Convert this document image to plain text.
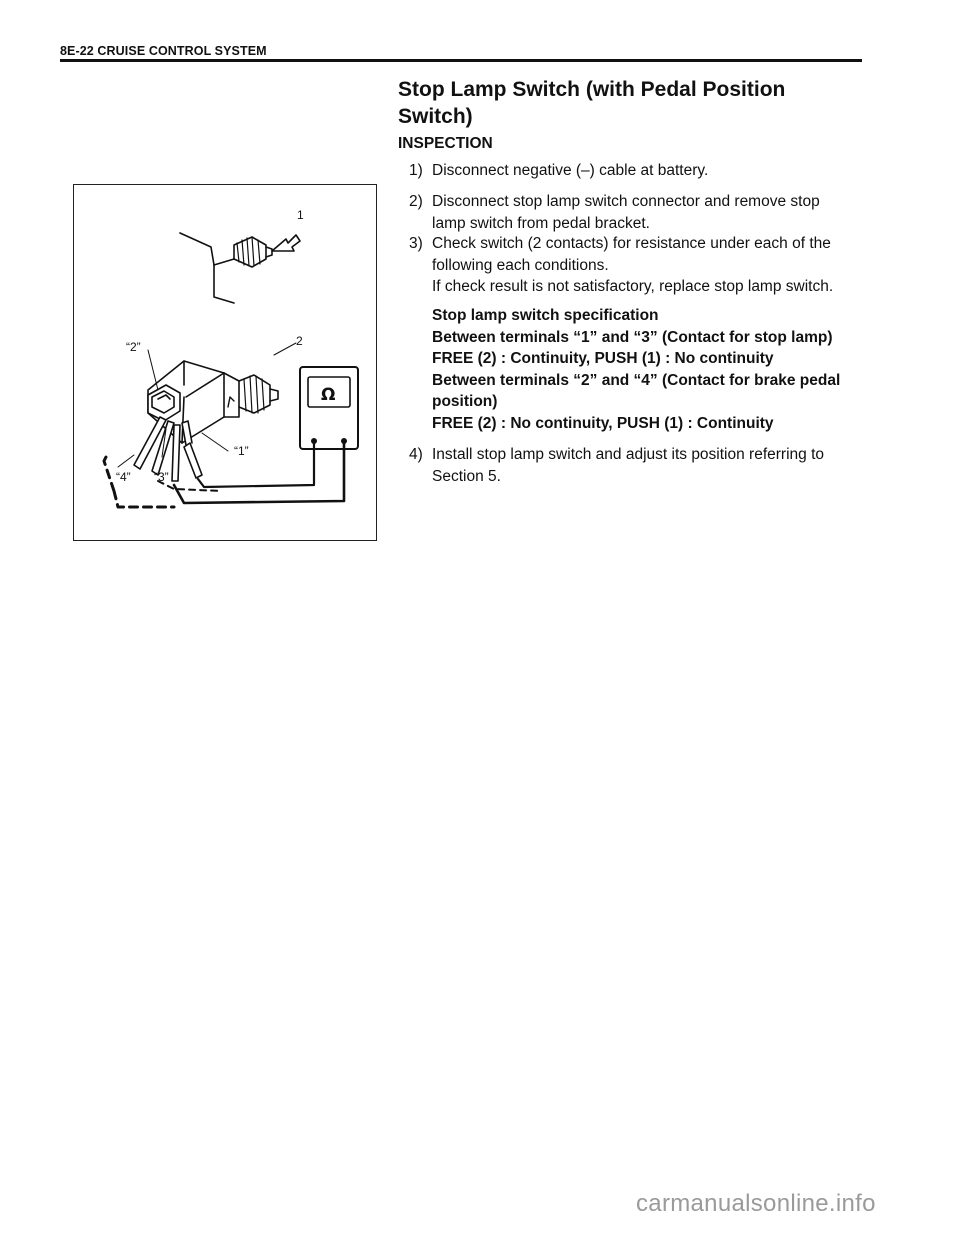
8E-22 CRUISE CONTROL SYSTEM
Stop Lamp Switch (with Pedal Position
Switch)
INSPECTION
1) Disconnect negative (–) cable at battery.
2) Disconnect stop lamp switch connector and remove stop
lamp switch from pedal bracket.
3) Check switch (2 contacts) for resistance under each of the
following each conditions.
If check result is not satisfactory, replace stop lamp switch.
Stop lamp switch specification
Between terminals “1” and “3” (Contact for stop lamp)
FREE (2) : Continuity, PUSH (1) : No continuity
Between terminals “2” and “4” (Contact for brake pedal
position)
FREE (2) : No continuity, PUSH (1) : Continuity
4) Install stop lamp switch and adjust its position referring to
Section 5.
1
2
“2”
“1”
“4” “3”
Ω
carmanualsonline.info
